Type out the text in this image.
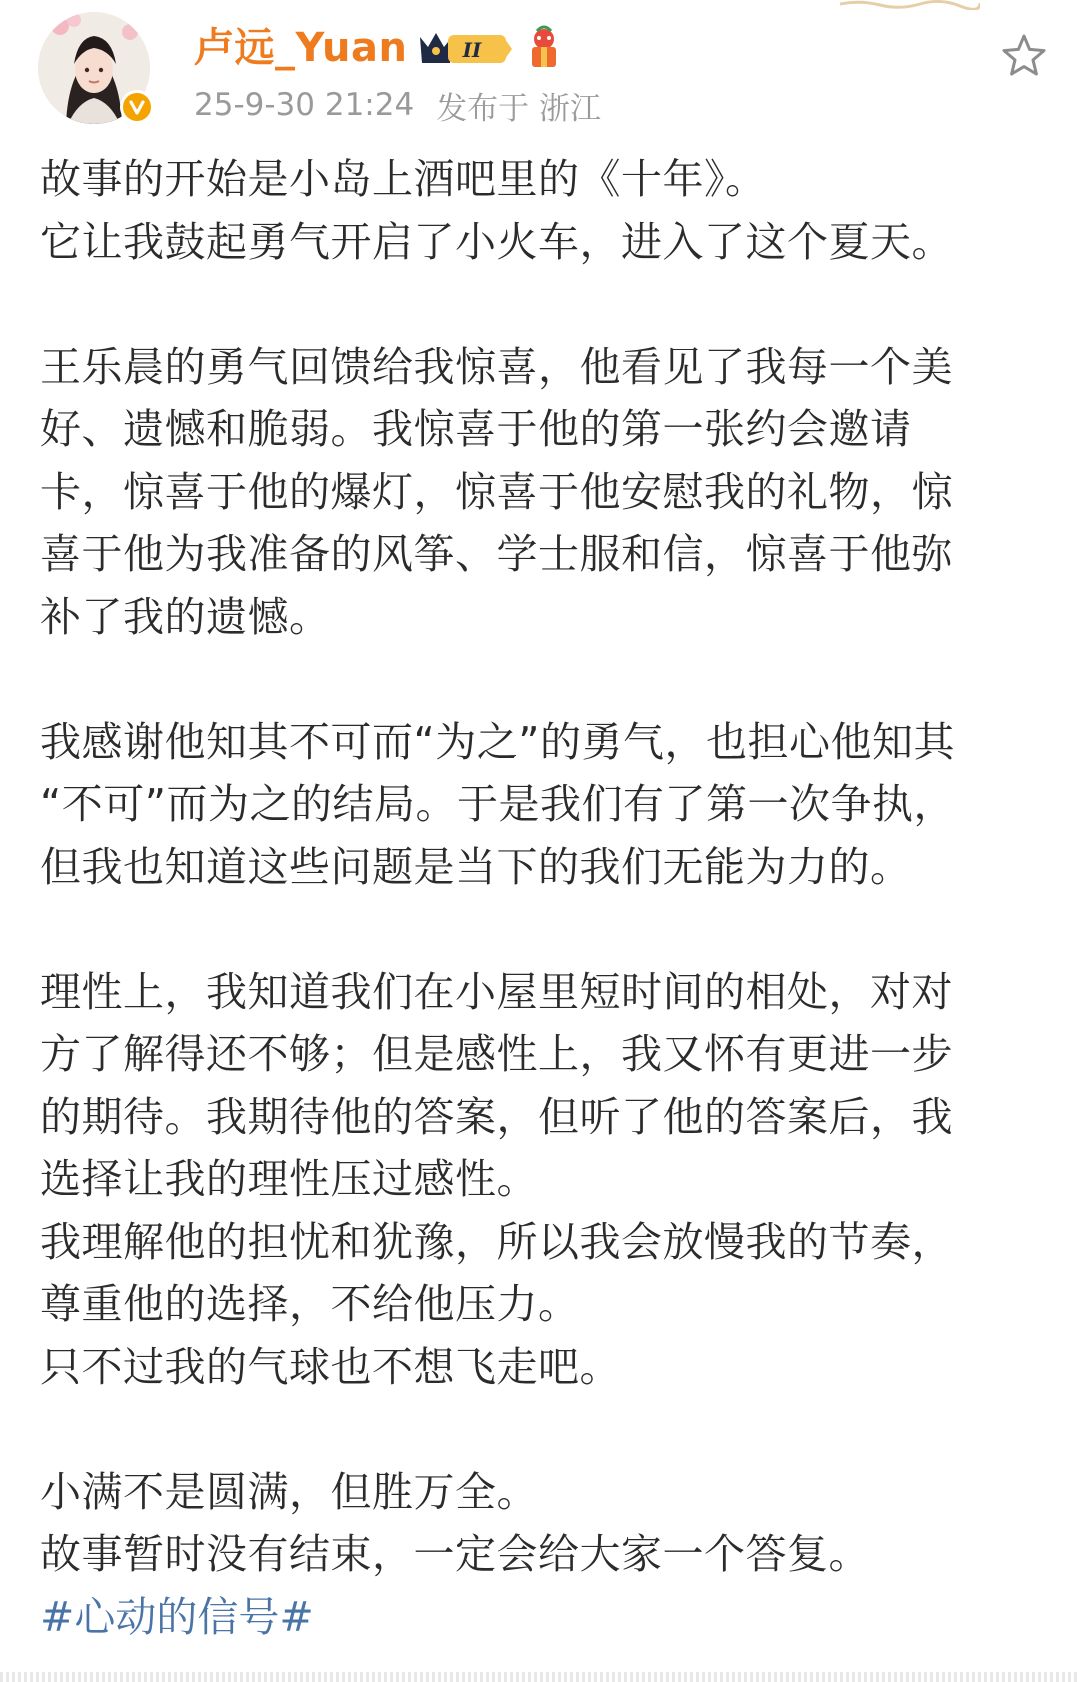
卢远_Yuan	II
25-9-30 21:24 发布于 浙江
故事的开始是小岛上酒吧里的《十年》。
它让我鼓起勇气开启了小火车，进入了这个夏天。
王乐晨的勇气回馈给我惊喜，他看见了我每一个美
好、遗憾和脆弱。我惊喜于他的第一张约会邀请
卡，惊喜于他的爆灯，惊喜于他安慰我的礼物，惊
喜于他为我准备的风筝、学士服和信，惊喜于他弥
补了我的遗憾。
我感谢他知其不可而“为之”的勇气，也担心他知其
“不可”而为之的结局。于是我们有了第一次争执，
但我也知道这些问题是当下的我们无能为力的。
理性上，我知道我们在小屋里短时间的相处，对对
方了解得还不够；但是感性上，我又怀有更进一步
的期待。我期待他的答案，但听了他的答案后，我
选择让我的理性压过感性。
我理解他的担忧和犹豫，所以我会放慢我的节奏，
尊重他的选择，不给他压力。
只不过我的气球也不想飞走吧。
小满不是圆满，但胜万全。
故事暂时没有结束，一定会给大家一个答复。
#心动的信号#
